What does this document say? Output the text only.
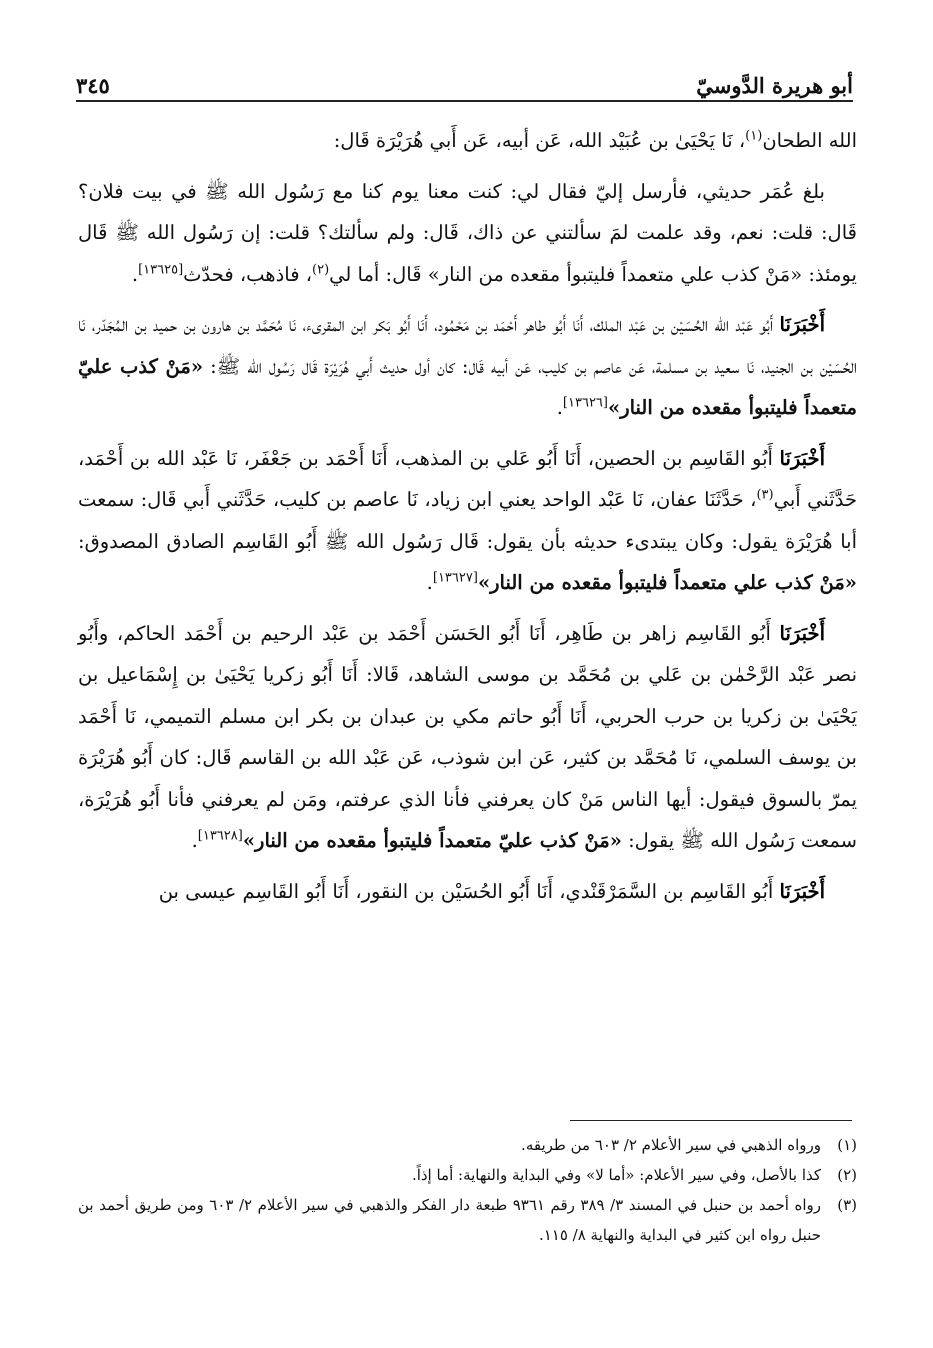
أبو هريرة الدَّوسيّ
٣٤٥

الله الطحان$^{(١)}$، نَا يَحْيَىٰ بن عُبَيْد الله، عَن أبيه، عَن أَبي هُرَيْرَة قَال:

بلغ عُمَر حديثي، فأرسل إليّ فقال لي: كنت معنا يوم كنا مع رَسُول الله ﷺ في بيت فلان؟ قَال: قلت: نعم، وقد علمت لمَ سألتني عن ذاك، قَال: ولم سألتك؟ قلت: إن رَسُول الله ﷺ قَال يومئذ: «مَنْ كذب علي متعمداً فليتبوأ مقعده من النار» قَال: أما لي$^{(٢)}$، فاذهب، فحدّث[١٣٦٢٥].

أَخْبَرَنَا أَبُو عَبْد الله الحُسَيْن بن عَبْد الملك، أَنَا أَبُو طاهر أَحْمَد بن مَحْمُود، أَنَا أَبُو بَكر ابن المقرىء، نَا مُحَمَّد بن هارون بن حميد بن المُجَدّر، نَا الحُسَيْن بن الجنيد، نَا سعيد بن مسلمة، عَن عاصم بن كليب، عَن أبيه قَال: كان أول حديث أَبي هُرَيْرَة قَال رَسُول الله ﷺ: «مَنْ كذب عليّ متعمداً فليتبوأ مقعده من النار»[١٣٦٢٦].

أَخْبَرَنَا أَبُو القَاسِم بن الحصين، أَنَا أَبُو عَلي بن المذهب، أَنَا أَحْمَد بن جَعْفَر، نَا عَبْد الله بن أَحْمَد، حَدَّثَني أَبي$^{(٣)}$، حَدَّثَنَا عفان، نَا عَبْد الواحد يعني ابن زياد، نَا عاصم بن كليب، حَدَّثَني أَبي قَال: سمعت أبا هُرَيْرَة يقول: وكان يبتدىء حديثه بأن يقول: قَال رَسُول الله ﷺ أَبُو القَاسِم الصادق المصدوق: «مَنْ كذب علي متعمداً فليتبوأ مقعده من النار»[١٣٦٢٧].

أَخْبَرَنَا أَبُو القَاسِم زاهر بن طَاهِر، أَنَا أَبُو الحَسَن أَحْمَد بن عَبْد الرحيم بن أَحْمَد الحاكم، وأَبُو نصر عَبْد الرَّحْمٰن بن عَلي بن مُحَمَّد بن موسى الشاهد، قَالا: أَنَا أَبُو زكريا يَحْيَىٰ بن إِسْمَاعيل بن يَحْيَىٰ بن زكريا بن حرب الحربي، أَنَا أَبُو حاتم مكي بن عبدان بن بكر ابن مسلم التميمي، نَا أَحْمَد بن يوسف السلمي، نَا مُحَمَّد بن كثير، عَن ابن شوذب، عَن عَبْد الله بن القاسم قَال: كان أَبُو هُرَيْرَة يمرّ بالسوق فيقول: أيها الناس مَنْ كان يعرفني فأنا الذي عرفتم، ومَن لم يعرفني فأنا أَبُو هُرَيْرَة، سمعت رَسُول الله ﷺ يقول: «مَنْ كذب عليّ متعمداً فليتبوأ مقعده من النار»[١٣٦٢٨].

أَخْبَرَنَا أَبُو القَاسِم بن السَّمَرْقَنْدي، أَنَا أَبُو الحُسَيْن بن النقور، أَنَا أَبُو القَاسِم عيسى بن

(١)
ورواه الذهبي في سير الأعلام ٢/ ٦٠٣ من طريقه.
(٢)
كذا بالأصل، وفي سير الأعلام: «أما لا» وفي البداية والنهاية: أما إذاً.
(٣)
رواه أحمد بن حنبل في المسند ٣/ ٣٨٩ رقم ٩٣٦١ طبعة دار الفكر والذهبي في سير الأعلام ٢/ ٦٠٣ ومن طريق أحمد بن حنبل رواه ابن كثير في البداية والنهاية ٨/ ١١٥.
